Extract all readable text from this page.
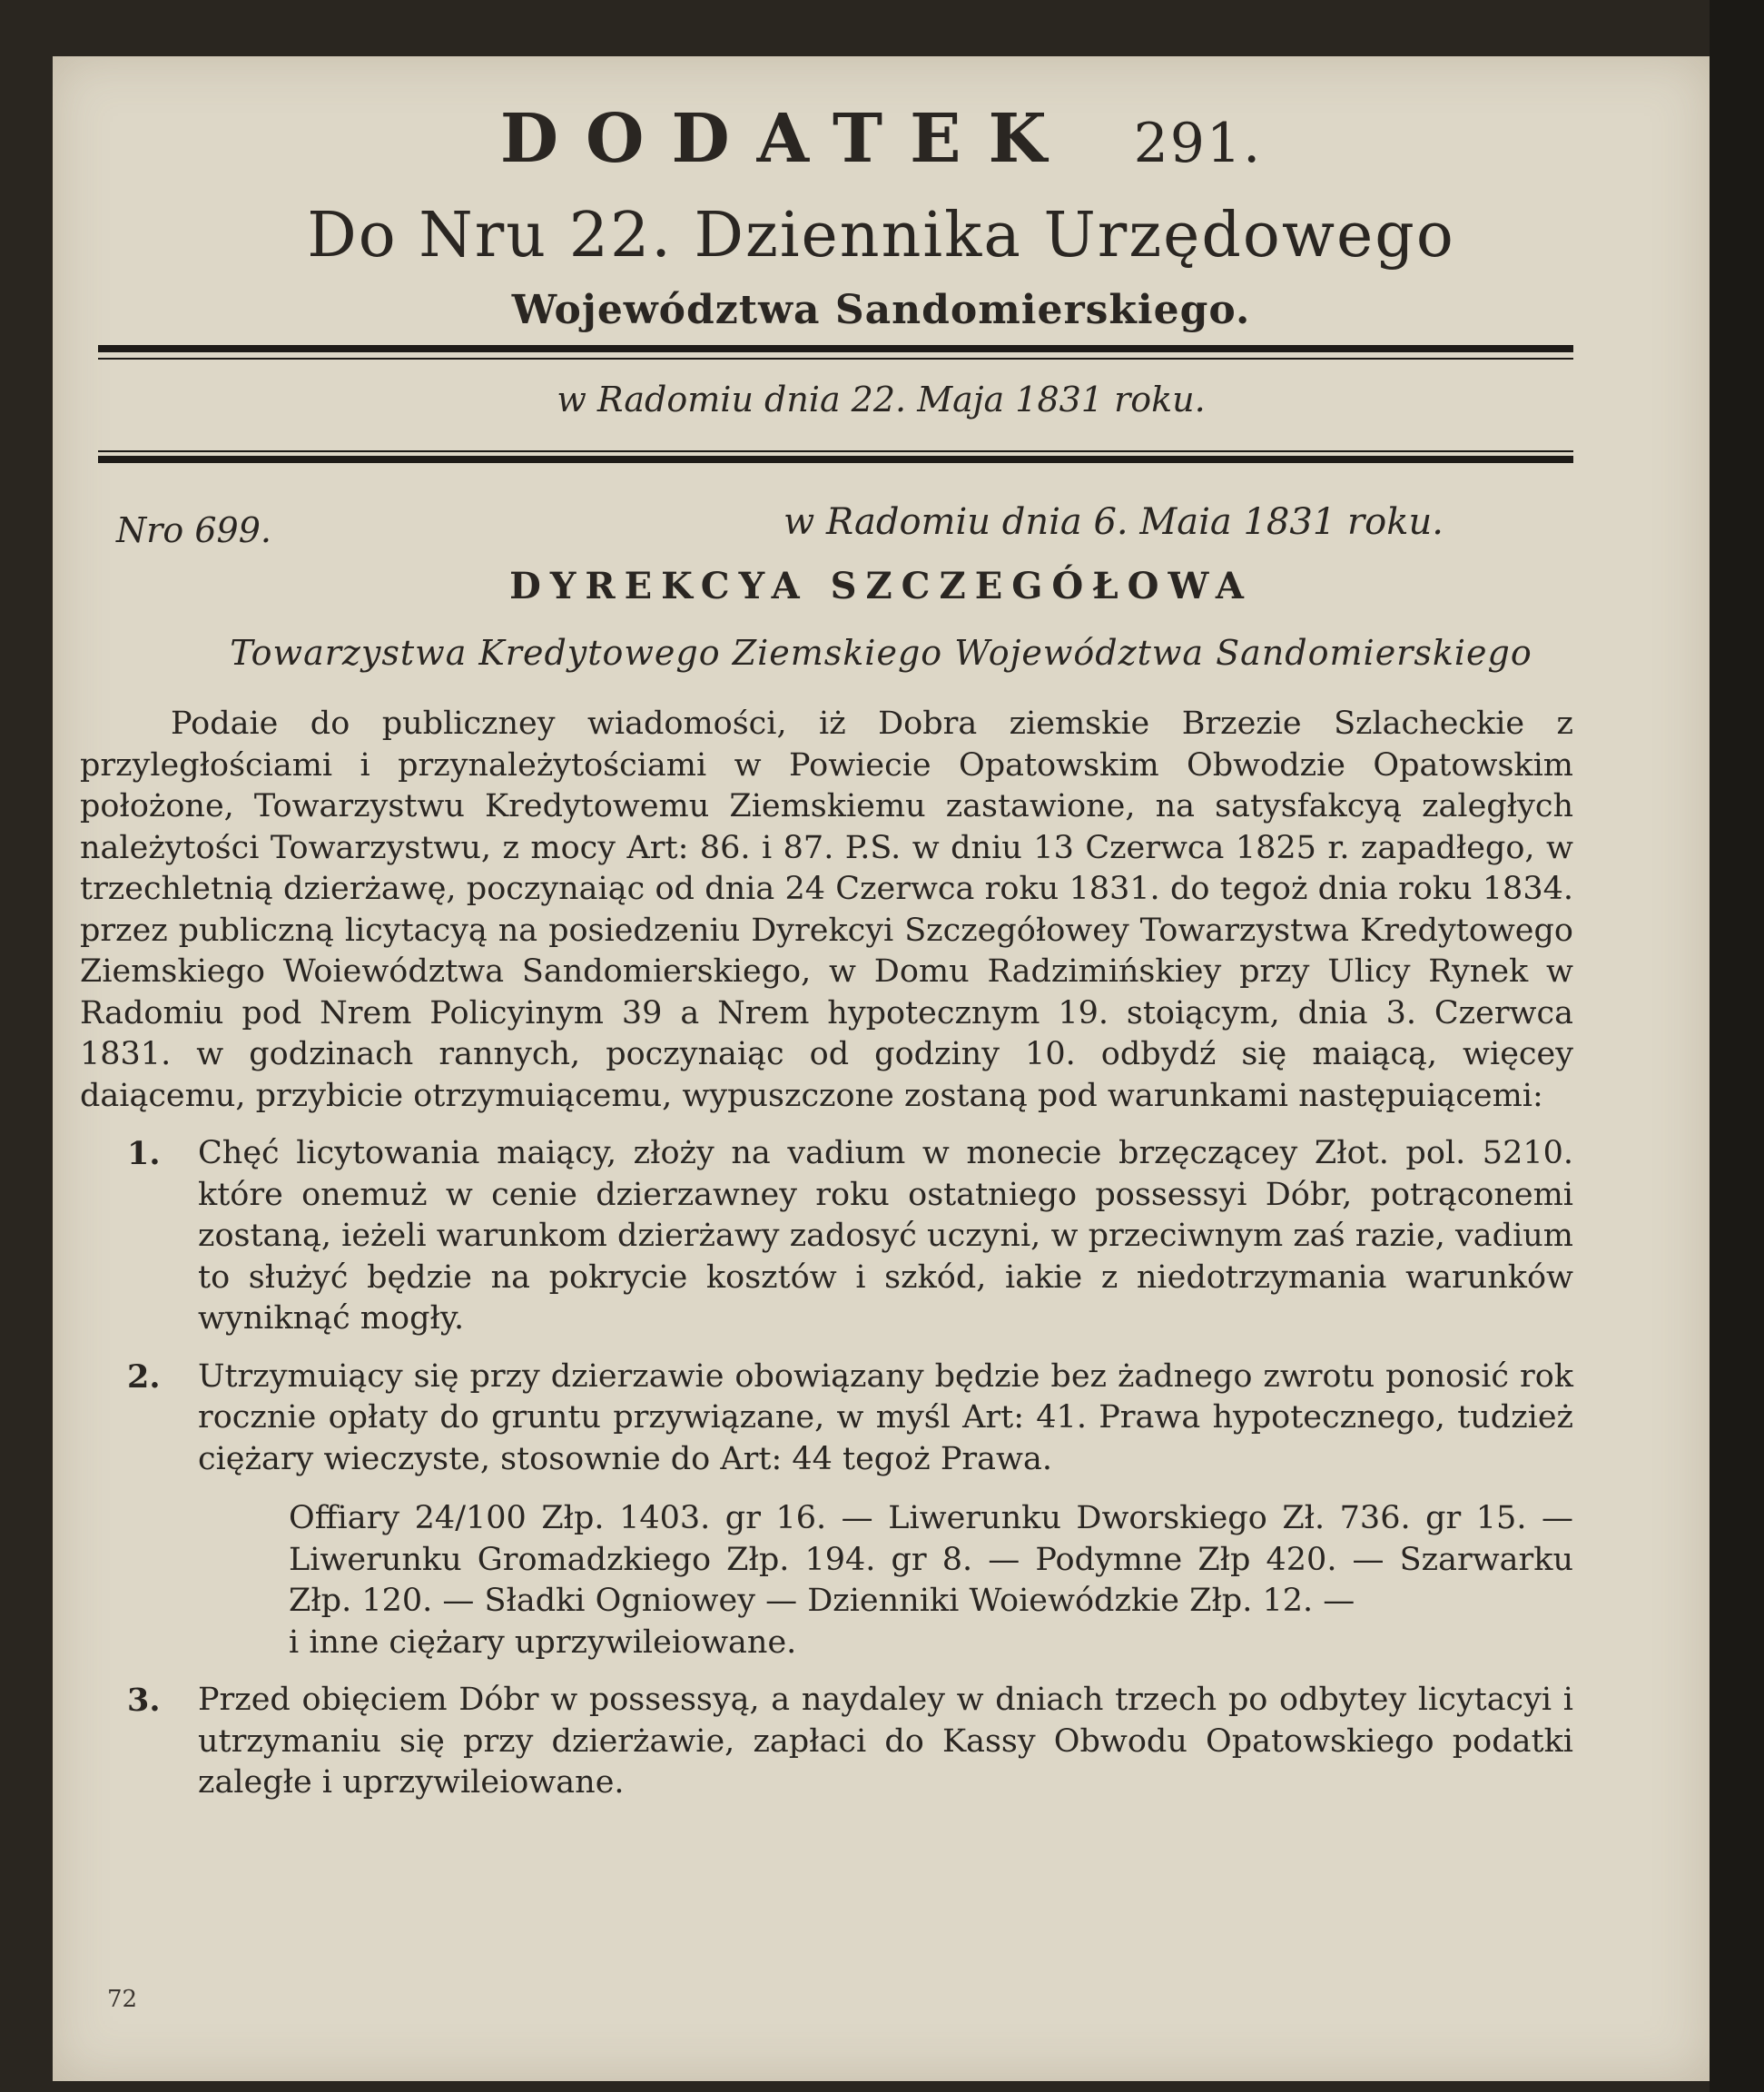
DODATEK 291.
Do Nru 22. Dziennika Urzędowego
Województwa Sandomierskiego.
w Radomiu dnia 22. Maja 1831 roku.
Nro 699.	w Radomiu dnia 6. Maia 1831 roku.
DYREKCYA SZCZEGÓŁOWA
Towarzystwa Kredytowego Ziemskiego Województwa Sandomierskiego

Podaie do publiczney wiadomości, iż Dobra ziemskie Brzezie Szlacheckie z przyległościami i przynależytościami w Powiecie Opatowskim Obwodzie Opatowskim położone, Towarzystwu Kredytowemu Ziemskiemu zastawione, na satysfakcyą zaległych należytości Towarzystwu, z mocy Art: 86. i 87. P.S. w dniu 13 Czerwca 1825 r. zapadłego, w trzechletnią dzierżawę, poczynaiąc od dnia 24 Czerwca roku 1831. do tegoż dnia roku 1834. przez publiczną licytacyą na posiedzeniu Dyrekcyi Szczegółowey Towarzystwa Kredytowego Ziemskiego Woiewództwa Sandomierskiego, w Domu Radzimińskiey przy Ulicy Rynek w Radomiu pod Nrem Policyinym 39 a Nrem hypotecznym 19. stoiącym, dnia 3. Czerwca 1831. w godzinach rannych, poczynaiąc od godziny 10. odbydź się maiącą, więcey daiącemu, przybicie otrzymuiącemu, wypuszczone zostaną pod warunkami następuiącemi:

1. Chęć licytowania maiący, złoży na vadium w monecie brzęczącey Złot. pol. 5210. które onemuż w cenie dzierzawney roku ostatniego possessyi Dóbr, potrąconemi zostaną, ieżeli warunkom dzierżawy zadosyć uczyni, w przeciwnym zaś razie, vadium to służyć będzie na pokrycie kosztów i szkód, iakie z niedotrzymania warunków wyniknąć mogły.
2. Utrzymuiący się przy dzierzawie obowiązany będzie bez żadnego zwrotu ponosić rok rocznie opłaty do gruntu przywiązane, w myśl Art: 41. Prawa hypotecznego, tudzież ciężary wieczyste, stosownie do Art: 44 tegoż Prawa.

Offiary 24/100 Złp. 1403. gr 16. — Liwerunku Dworskiego Zł. 736. gr 15. — Liwerunku Gromadzkiego Złp. 194. gr 8. — Podymne Złp 420. — Szarwarku Złp. 120. — Sładki Ogniowey — Dzienniki Woiewódzkie Złp. 12. —

i inne ciężary uprzywileiowane.

3. Przed obięciem Dóbr w possessyą, a naydaley w dniach trzech po odbytey licytacyi i utrzymaniu się przy dzierżawie, zapłaci do Kassy Obwodu Opatowskiego podatki zaległe i uprzywileiowane.
72
